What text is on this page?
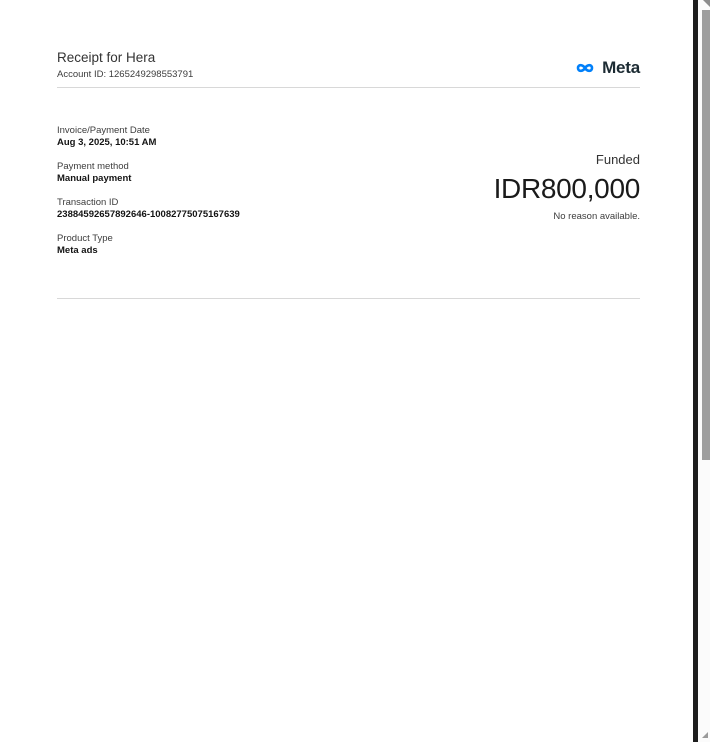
Receipt for Hera
Account ID: 1265249298553791	Meta
Invoice/Payment Date
Aug 3, 2025, 10:51 AM
Payment method
Manual payment
Transaction ID
23884592657892646-10082775075167639
Product Type
Meta ads
Funded
IDR800,000
No reason available.
